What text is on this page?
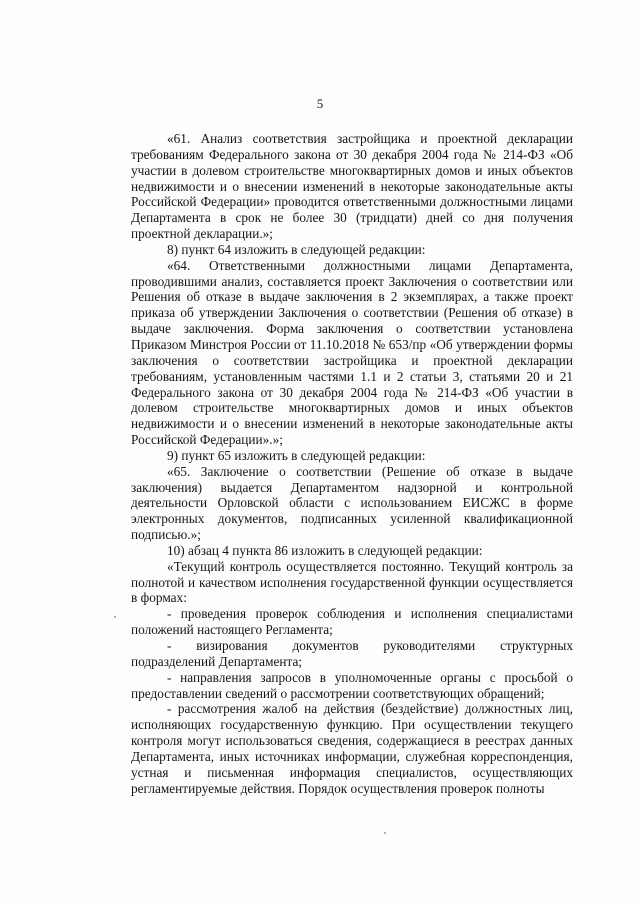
5

«61. Анализ соответствия застройщика и проектной декларации требованиям Федерального закона от 30 декабря 2004 года № 214-ФЗ «Об участии в долевом строительстве многоквартирных домов и иных объектов недвижимости и о внесении изменений в некоторые законодательные акты Российской Федерации» проводится ответственными должностными лицами Департамента в срок не более 30 (тридцати) дней со дня получения проектной декларации.»;

8) пункт 64 изложить в следующей редакции:

«64. Ответственными должностными лицами Департамента, проводившими анализ, составляется проект Заключения о соответствии или Решения об отказе в выдаче заключения в 2 экземплярах, а также проект приказа об утверждении Заключения о соответствии (Решения об отказе) в выдаче заключения. Форма заключения о соответствии установлена Приказом Минстроя России от 11.10.2018 № 653/пр «Об утверждении формы заключения о соответствии застройщика и проектной декларации требованиям, установленным частями 1.1 и 2 статьи 3, статьями 20 и 21 Федерального закона от 30 декабря 2004 года № 214-ФЗ «Об участии в долевом строительстве многоквартирных домов и иных объектов недвижимости и о внесении изменений в некоторые законодательные акты Российской Федерации».»;

9) пункт 65 изложить в следующей редакции:

«65. Заключение о соответствии (Решение об отказе в выдаче заключения) выдается Департаментом надзорной и контрольной деятельности Орловской области с использованием ЕИСЖС в форме электронных документов, подписанных усиленной квалификационной подписью.»;

10) абзац 4 пункта 86 изложить в следующей редакции:

«Текущий контроль осуществляется постоянно. Текущий контроль за полнотой и качеством исполнения государственной функции осуществляется в формах:

- проведения проверок соблюдения и исполнения специалистами положений настоящего Регламента;

- визирования документов руководителями структурных подразделений Департамента;

- направления запросов в уполномоченные органы с просьбой о предоставлении сведений о рассмотрении соответствующих обращений;

- рассмотрения жалоб на действия (бездействие) должностных лиц, исполняющих государственную функцию. При осуществлении текущего контроля могут использоваться сведения, содержащиеся в реестрах данных Департамента, иных источниках информации, служебная корреспонденция, устная и письменная информация специалистов, осуществляющих регламентируемые действия. Порядок осуществления проверок полноты
